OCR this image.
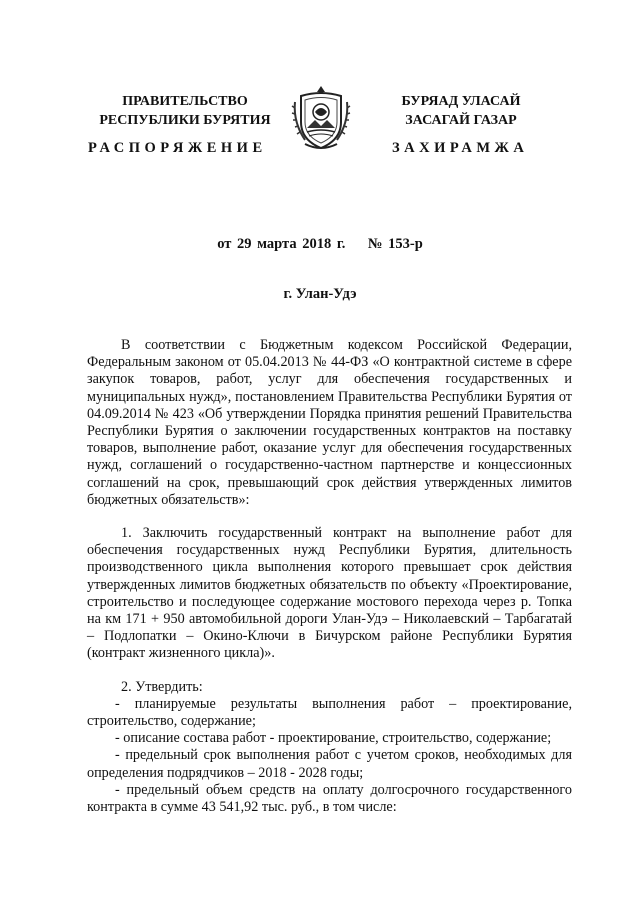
ПРАВИТЕЛЬСТВО
РЕСПУБЛИКИ БУРЯТИЯ
БУРЯАД УЛАСАЙ
ЗАСАГАЙ ГАЗАР
РАСПОРЯЖЕНИЕ	ЗАХИРАМЖА
от 29 марта 2018 г.    № 153-р
г. Улан-Удэ

В соответствии с Бюджетным кодексом Российской Федерации, Федеральным законом от 05.04.2013 № 44-ФЗ «О контрактной системе в сфере закупок товаров, работ, услуг для обеспечения государственных и муниципальных нужд», постановлением Правительства Республики Бурятия от 04.09.2014 № 423 «Об утверждении Порядка принятия решений Правительства Республики Бурятия о заключении государственных контрактов на поставку товаров, выполнение работ, оказание услуг для обеспечения государственных нужд, соглашений о государственно-частном партнерстве и концессионных соглашений на срок, превышающий срок действия утвержденных лимитов бюджетных обязательств»:

1. Заключить государственный контракт на выполнение работ для обеспечения государственных нужд Республики Бурятия, длительность производственного цикла выполнения которого превышает срок действия утвержденных лимитов бюджетных обязательств по объекту «Проектирование, строительство и последующее содержание мостового перехода через р. Топка на км 171 + 950 автомобильной дороги Улан-Удэ – Николаевский – Тарбагатай – Подлопатки – Окино-Ключи в Бичурском районе Республики Бурятия (контракт жизненного цикла)».

2. Утвердить:

- планируемые результаты выполнения работ – проектирование, строительство, содержание;

- описание состава работ - проектирование, строительство, содержание;

- предельный срок выполнения работ с учетом сроков, необходимых для определения подрядчиков – 2018 - 2028 годы;

- предельный объем средств на оплату долгосрочного государственного контракта в сумме 43 541,92 тыс. руб., в том числе:
